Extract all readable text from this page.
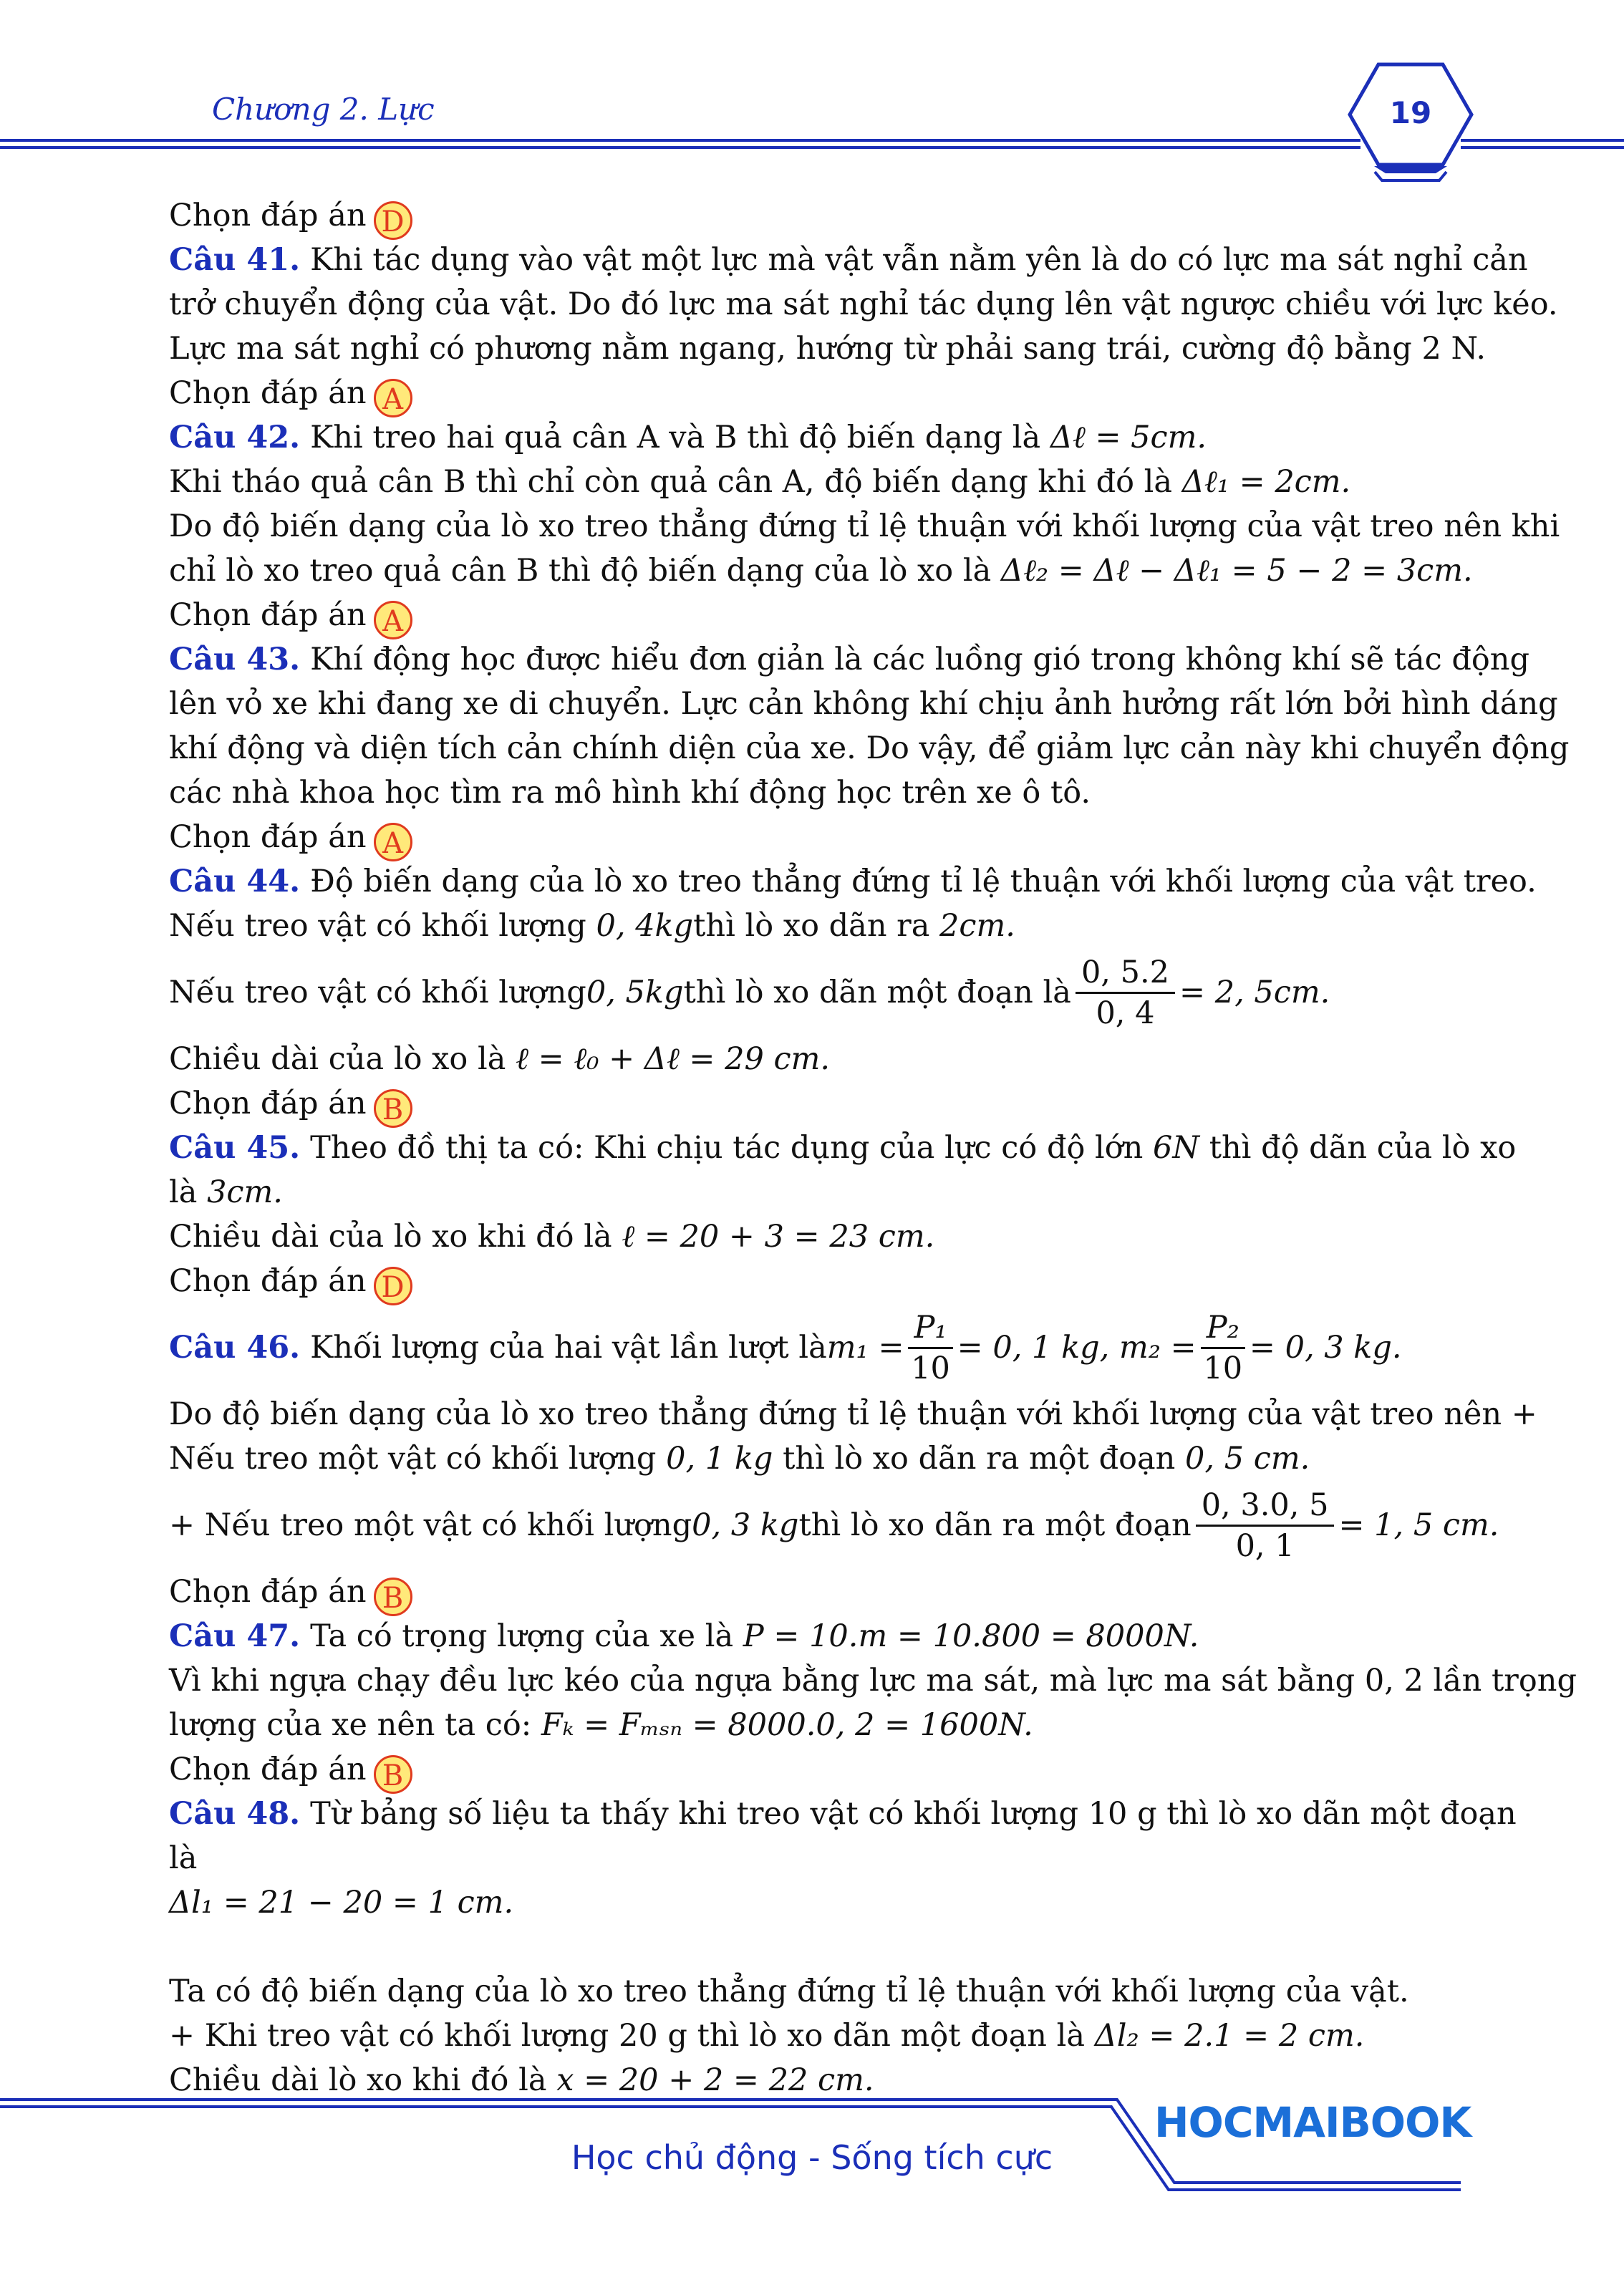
Chương 2. Lực	19
Chọn đáp án D
Câu 41. Khi tác dụng vào vật một lực mà vật vẫn nằm yên là do có lực ma sát nghỉ cản
trở chuyển động của vật. Do đó lực ma sát nghỉ tác dụng lên vật ngược chiều với lực kéo.
Lực ma sát nghỉ có phương nằm ngang, hướng từ phải sang trái, cường độ bằng 2 N.
Chọn đáp án A
Câu 42. Khi treo hai quả cân A và B thì độ biến dạng là Δℓ = 5cm.
Khi tháo quả cân B thì chỉ còn quả cân A, độ biến dạng khi đó là Δℓ₁ = 2cm.
Do độ biến dạng của lò xo treo thẳng đứng tỉ lệ thuận với khối lượng của vật treo nên khi
chỉ lò xo treo quả cân B thì độ biến dạng của lò xo là Δℓ₂ = Δℓ − Δℓ₁ = 5 − 2 = 3cm.
Chọn đáp án A
Câu 43. Khí động học được hiểu đơn giản là các luồng gió trong không khí sẽ tác động
lên vỏ xe khi đang xe di chuyển. Lực cản không khí chịu ảnh hưởng rất lớn bởi hình dáng
khí động và diện tích cản chính diện của xe. Do vậy, để giảm lực cản này khi chuyển động
các nhà khoa học tìm ra mô hình khí động học trên xe ô tô.
Chọn đáp án A
Câu 44. Độ biến dạng của lò xo treo thẳng đứng tỉ lệ thuận với khối lượng của vật treo.
Nếu treo vật có khối lượng 0, 4kgthì lò xo dãn ra 2cm.
Nếu treo vật có khối lượng 0, 5kg thì lò xo dãn một đoạn là $\frac{0, 5.2}{0, 4} = 2$, 5cm.
Chiều dài của lò xo là ℓ = ℓ₀ + Δℓ = 29 cm.
Chọn đáp án B
Câu 45. Theo đồ thị ta có: Khi chịu tác dụng của lực có độ lớn 6N thì độ dãn của lò xo
là 3cm.
Chiều dài của lò xo khi đó là ℓ = 20 + 3 = 23 cm.
Chọn đáp án D
Câu 46. Khối lượng của hai vật lần lượt là $m_1 = \frac{\text{P₁}}{10} = 0$, 1 kg, $m_2 = \frac{\text{P₂}}{10} = 0$, 3 kg.
Do độ biến dạng của lò xo treo thẳng đứng tỉ lệ thuận với khối lượng của vật treo nên +
Nếu treo một vật có khối lượng 0, 1 kg thì lò xo dãn ra một đoạn 0, 5 cm.
+ Nếu treo một vật có khối lượng 0, 3 kg thì lò xo dãn ra một đoạn $\frac{0, 3.0, 5}{0, 1} = 1$, 5 cm.
Chọn đáp án B
Câu 47. Ta có trọng lượng của xe là P = 10.m = 10.800 = 8000N.
Vì khi ngựa chạy đều lực kéo của ngựa bằng lực ma sát, mà lực ma sát bằng 0, 2 lần trọng
lượng của xe nên ta có: Fₖ = Fₘₛₙ = 8000.0, 2 = 1600N.
Chọn đáp án B
Câu 48. Từ bảng số liệu ta thấy khi treo vật có khối lượng 10 g thì lò xo dãn một đoạn
là
Δl₁ = 21 − 20 = 1 cm.
Ta có độ biến dạng của lò xo treo thẳng đứng tỉ lệ thuận với khối lượng của vật.
+ Khi treo vật có khối lượng 20 g thì lò xo dãn một đoạn là Δl₂ = 2.1 = 2 cm.
Chiều dài lò xo khi đó là x = 20 + 2 = 22 cm.
HOCMAIBOOK
Học chủ động - Sống tích cực
